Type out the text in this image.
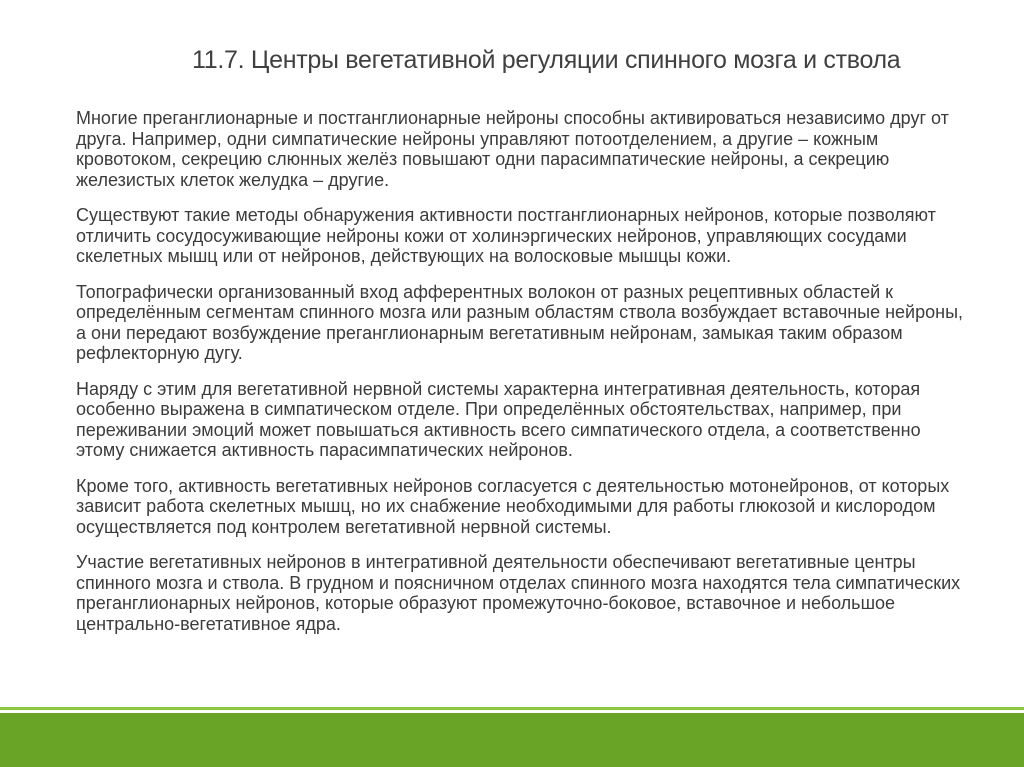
11.7. Центры вегетативной регуляции спинного мозга и ствола

Многие преганглионарные и постганглионарные нейроны способны активироваться независимо друг от друга. Например, одни симпатические нейроны управляют потоотделением, а другие – кожным кровотоком, секрецию слюнных желёз повышают одни парасимпатические нейроны, а секрецию железистых клеток желудка – другие.

Существуют такие методы обнаружения активности постганглионарных нейронов, которые позволяют отличить сосудосуживающие нейроны кожи от холинэргических нейронов, управляющих сосудами скелетных мышц или от нейронов, действующих на волосковые мышцы кожи.

Топографически организованный вход афферентных волокон от разных рецептивных областей к определённым сегментам спинного мозга или разным областям ствола возбуждает вставочные нейроны, а они передают возбуждение преганглионарным вегетативным нейронам, замыкая таким образом рефлекторную дугу.

Наряду с этим для вегетативной нервной системы характерна интегративная деятельность, которая особенно выражена в симпатическом отделе. При определённых обстоятельствах, например, при переживании эмоций может повышаться активность всего симпатического отдела, а соответственно этому снижается активность парасимпатических нейронов.

Кроме того, активность вегетативных нейронов согласуется с деятельностью мотонейронов, от которых зависит работа скелетных мышц, но их снабжение необходимыми для работы глюкозой и кислородом осуществляется под контролем вегетативной нервной системы.

Участие вегетативных нейронов в интегративной деятельности обеспечивают вегетативные центры спинного мозга и ствола. В грудном и поясничном отделах спинного мозга находятся тела симпатических преганглионарных нейронов, которые образуют промежуточно-боковое, вставочное и небольшое центрально-вегетативное ядра.
